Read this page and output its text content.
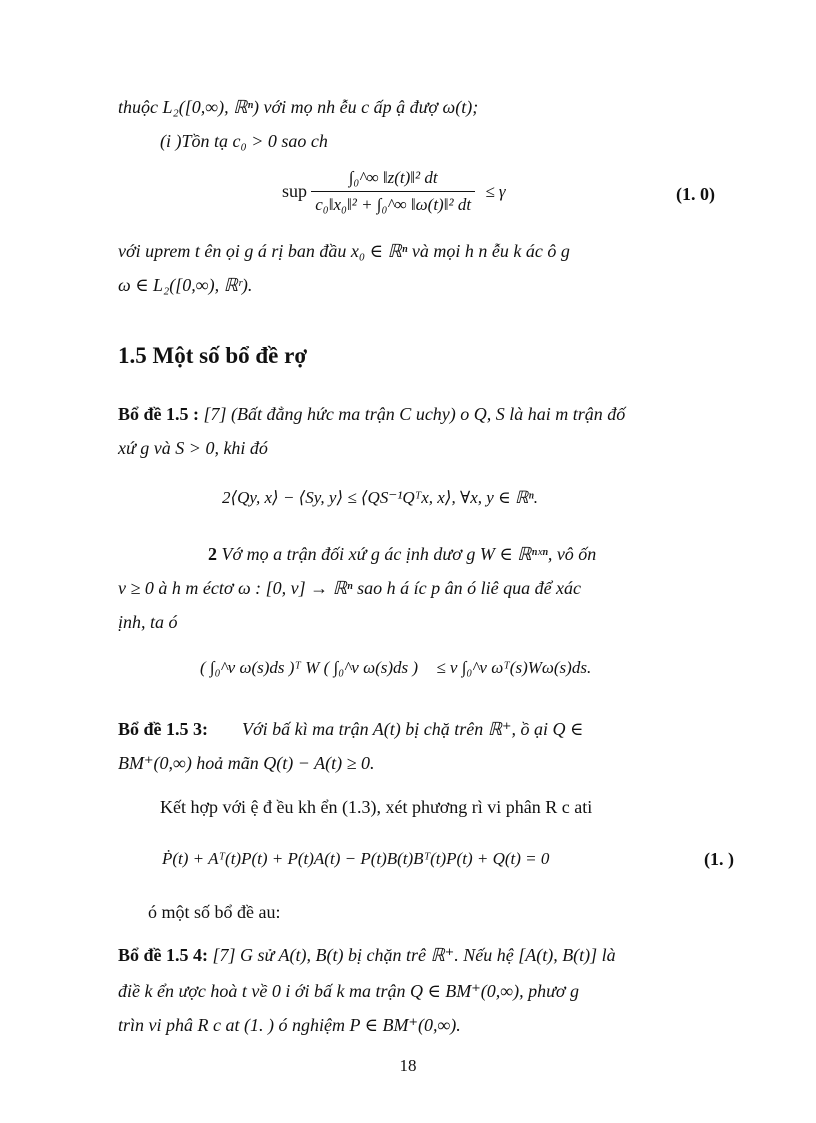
thuộc L₂([0,∞), ℝⁿ) với mọ nh ễu c ấp ậ đượ ω(t);
(i )Tồn tạ c₀ > 0 sao ch
sup $\frac{\text{∫₀\textasciicircum{}∞ ‖z(t)‖² dt}}{\text{c₀‖x₀‖² + ∫₀\textasciicircum{}∞ ‖ω(t)‖² dt}} \le \gamma$	(1. 0)
với uprem t ên ọi g á rị ban đầu x₀ ∈ ℝⁿ và mọi h n ễu k ác ô g
ω ∈ L₂([0,∞), ℝʳ).
1.5 Một số bổ đề rợ
Bổ đề 1.5 : [7] (Bất đẳng hức ma trận C uchy) o Q, S là hai m trận đố
xứ g và S > 0, khi đó
2⟨Qy, x⟩ − ⟨Sy, y⟩ ≤ ⟨QS⁻¹Qᵀx, x⟩, ∀x, y ∈ ℝⁿ.
2 Vớ mọ a trận đối xứ g ác ịnh dươ g W ∈ ℝⁿˣⁿ, vô ốn
ν ≥ 0 à h m éctơ ω : [0, ν] → ℝⁿ sao h á íc p ân ó liê qua để xác
ịnh, ta ó
( ∫₀^ν ω(s)ds )ᵀ W ( ∫₀^ν ω(s)ds ) ≤ ν ∫₀^ν ωᵀ(s)Wω(s)ds.
Bổ đề 1.5 3: Với bấ kì ma trận A(t) bị chặ trên ℝ⁺, ồ ại Q ∈
BM⁺(0,∞) hoả mãn Q(t) − A(t) ≥ 0.
Kết hợp với ệ đ ều kh ển (1.3), xét phương rì vi phân R c ati
Ṗ(t) + Aᵀ(t)P(t) + P(t)A(t) − P(t)B(t)Bᵀ(t)P(t) + Q(t) = 0	(1. )
ó một số bổ đề au:
Bổ đề 1.5 4: [7] G sử A(t), B(t) bị chặn trê ℝ⁺. Nếu hệ [A(t), B(t)] là
điề k ển ược hoà t về 0 i ới bấ k ma trận Q ∈ BM⁺(0,∞), phươ g
trìn vi phâ R c at (1. ) ó nghiệm P ∈ BM⁺(0,∞).
18
